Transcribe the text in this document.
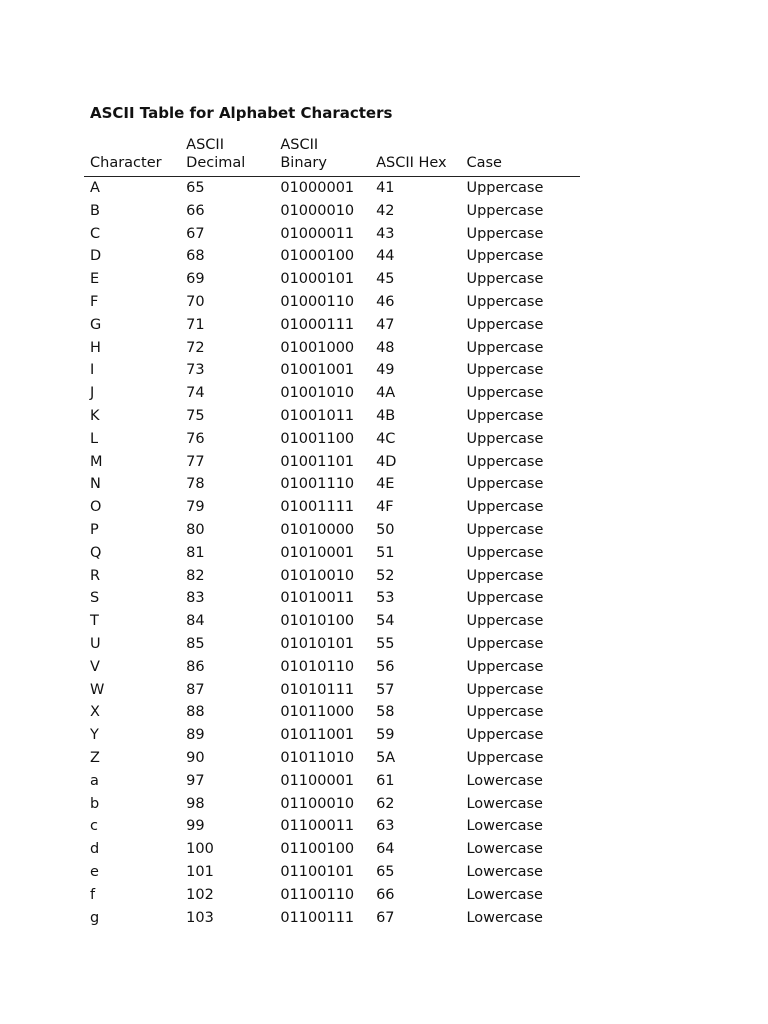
ASCII Table for Alphabet Characters
Character	ASCII Decimal	ASCII Binary	ASCII Hex	Case
A	65	01000001	41	Uppercase
B	66	01000010	42	Uppercase
C	67	01000011	43	Uppercase
D	68	01000100	44	Uppercase
E	69	01000101	45	Uppercase
F	70	01000110	46	Uppercase
G	71	01000111	47	Uppercase
H	72	01001000	48	Uppercase
I	73	01001001	49	Uppercase
J	74	01001010	4A	Uppercase
K	75	01001011	4B	Uppercase
L	76	01001100	4C	Uppercase
M	77	01001101	4D	Uppercase
N	78	01001110	4E	Uppercase
O	79	01001111	4F	Uppercase
P	80	01010000	50	Uppercase
Q	81	01010001	51	Uppercase
R	82	01010010	52	Uppercase
S	83	01010011	53	Uppercase
T	84	01010100	54	Uppercase
U	85	01010101	55	Uppercase
V	86	01010110	56	Uppercase
W	87	01010111	57	Uppercase
X	88	01011000	58	Uppercase
Y	89	01011001	59	Uppercase
Z	90	01011010	5A	Uppercase
a	97	01100001	61	Lowercase
b	98	01100010	62	Lowercase
c	99	01100011	63	Lowercase
d	100	01100100	64	Lowercase
e	101	01100101	65	Lowercase
f	102	01100110	66	Lowercase
g	103	01100111	67	Lowercase
